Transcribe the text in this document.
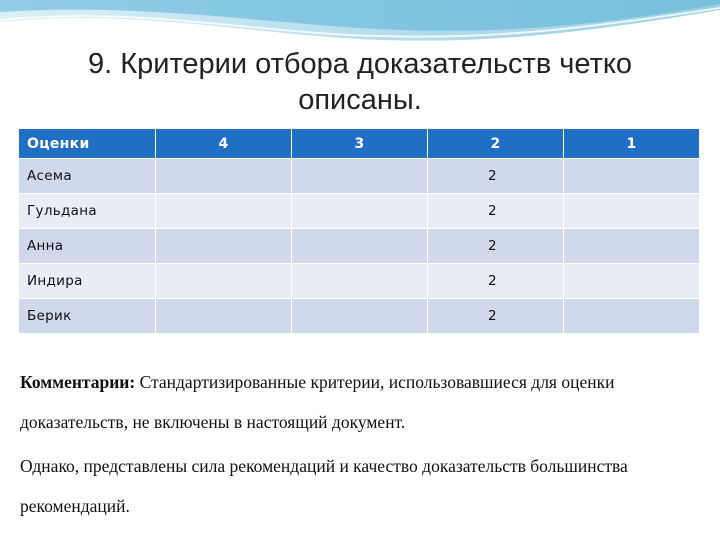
9. Критерии отбора доказательств четко описаны.
Оценки	4	3	2	1
Асема			2	
Гульдана			2	
Анна			2	
Индира			2	
Берик			2	

Комментарии: Стандартизированные критерии, использовавшиеся для оценки доказательств, не включены в настоящий документ.

Однако, представлены сила рекомендаций и качество доказательств большинства рекомендаций.
